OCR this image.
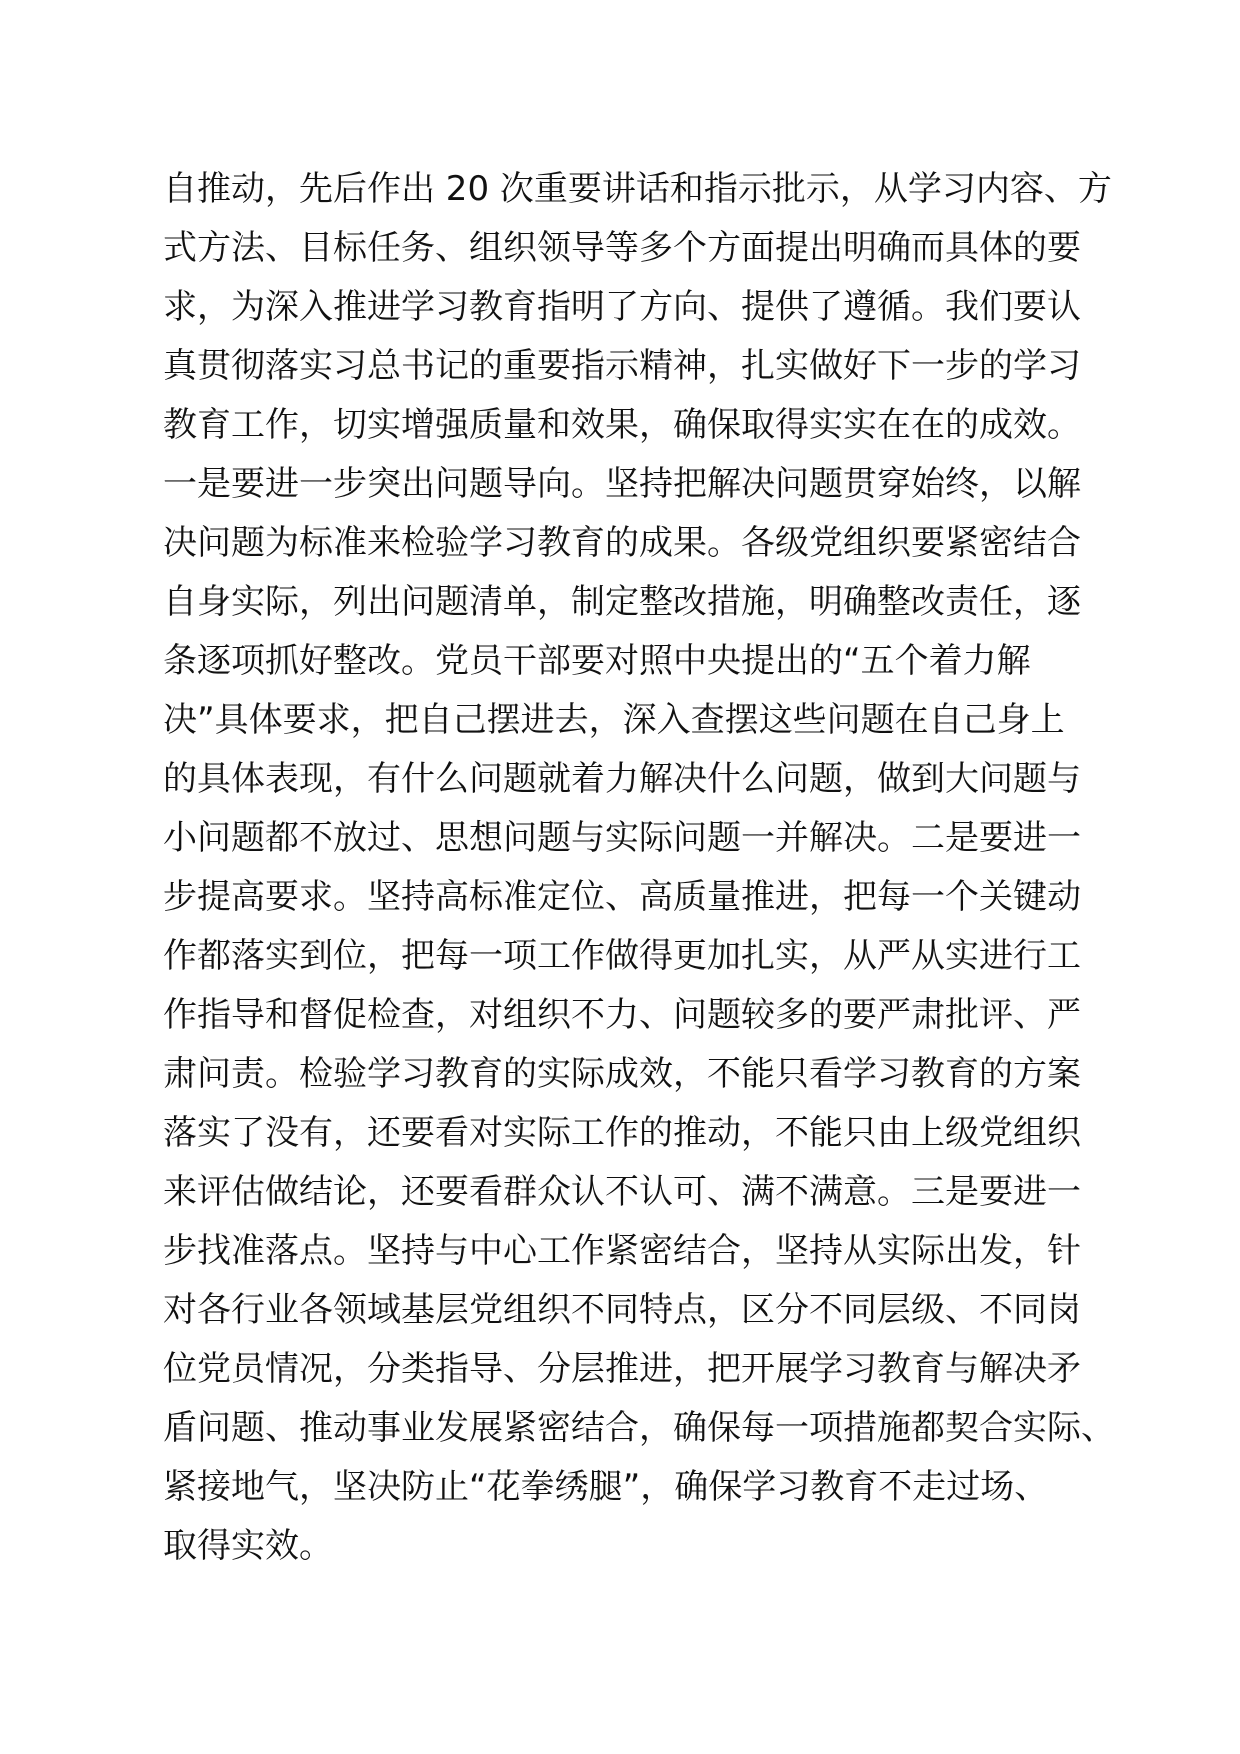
自推动，先后作出 20 次重要讲话和指示批示，从学习内容、方
式方法、目标任务、组织领导等多个方面提出明确而具体的要
求，为深入推进学习教育指明了方向、提供了遵循。我们要认
真贯彻落实习总书记的重要指示精神，扎实做好下一步的学习
教育工作，切实增强质量和效果，确保取得实实在在的成效。
一是要进一步突出问题导向。坚持把解决问题贯穿始终，以解
决问题为标准来检验学习教育的成果。各级党组织要紧密结合
自身实际，列出问题清单，制定整改措施，明确整改责任，逐
条逐项抓好整改。党员干部要对照中央提出的“五个着力解
决”具体要求，把自己摆进去，深入查摆这些问题在自己身上
的具体表现，有什么问题就着力解决什么问题，做到大问题与
小问题都不放过、思想问题与实际问题一并解决。二是要进一
步提高要求。坚持高标准定位、高质量推进，把每一个关键动
作都落实到位，把每一项工作做得更加扎实，从严从实进行工
作指导和督促检查，对组织不力、问题较多的要严肃批评、严
肃问责。检验学习教育的实际成效，不能只看学习教育的方案
落实了没有，还要看对实际工作的推动，不能只由上级党组织
来评估做结论，还要看群众认不认可、满不满意。三是要进一
步找准落点。坚持与中心工作紧密结合，坚持从实际出发，针
对各行业各领域基层党组织不同特点，区分不同层级、不同岗
位党员情况，分类指导、分层推进，把开展学习教育与解决矛
盾问题、推动事业发展紧密结合，确保每一项措施都契合实际、
紧接地气，坚决防止“花拳绣腿”，确保学习教育不走过场、
取得实效。
